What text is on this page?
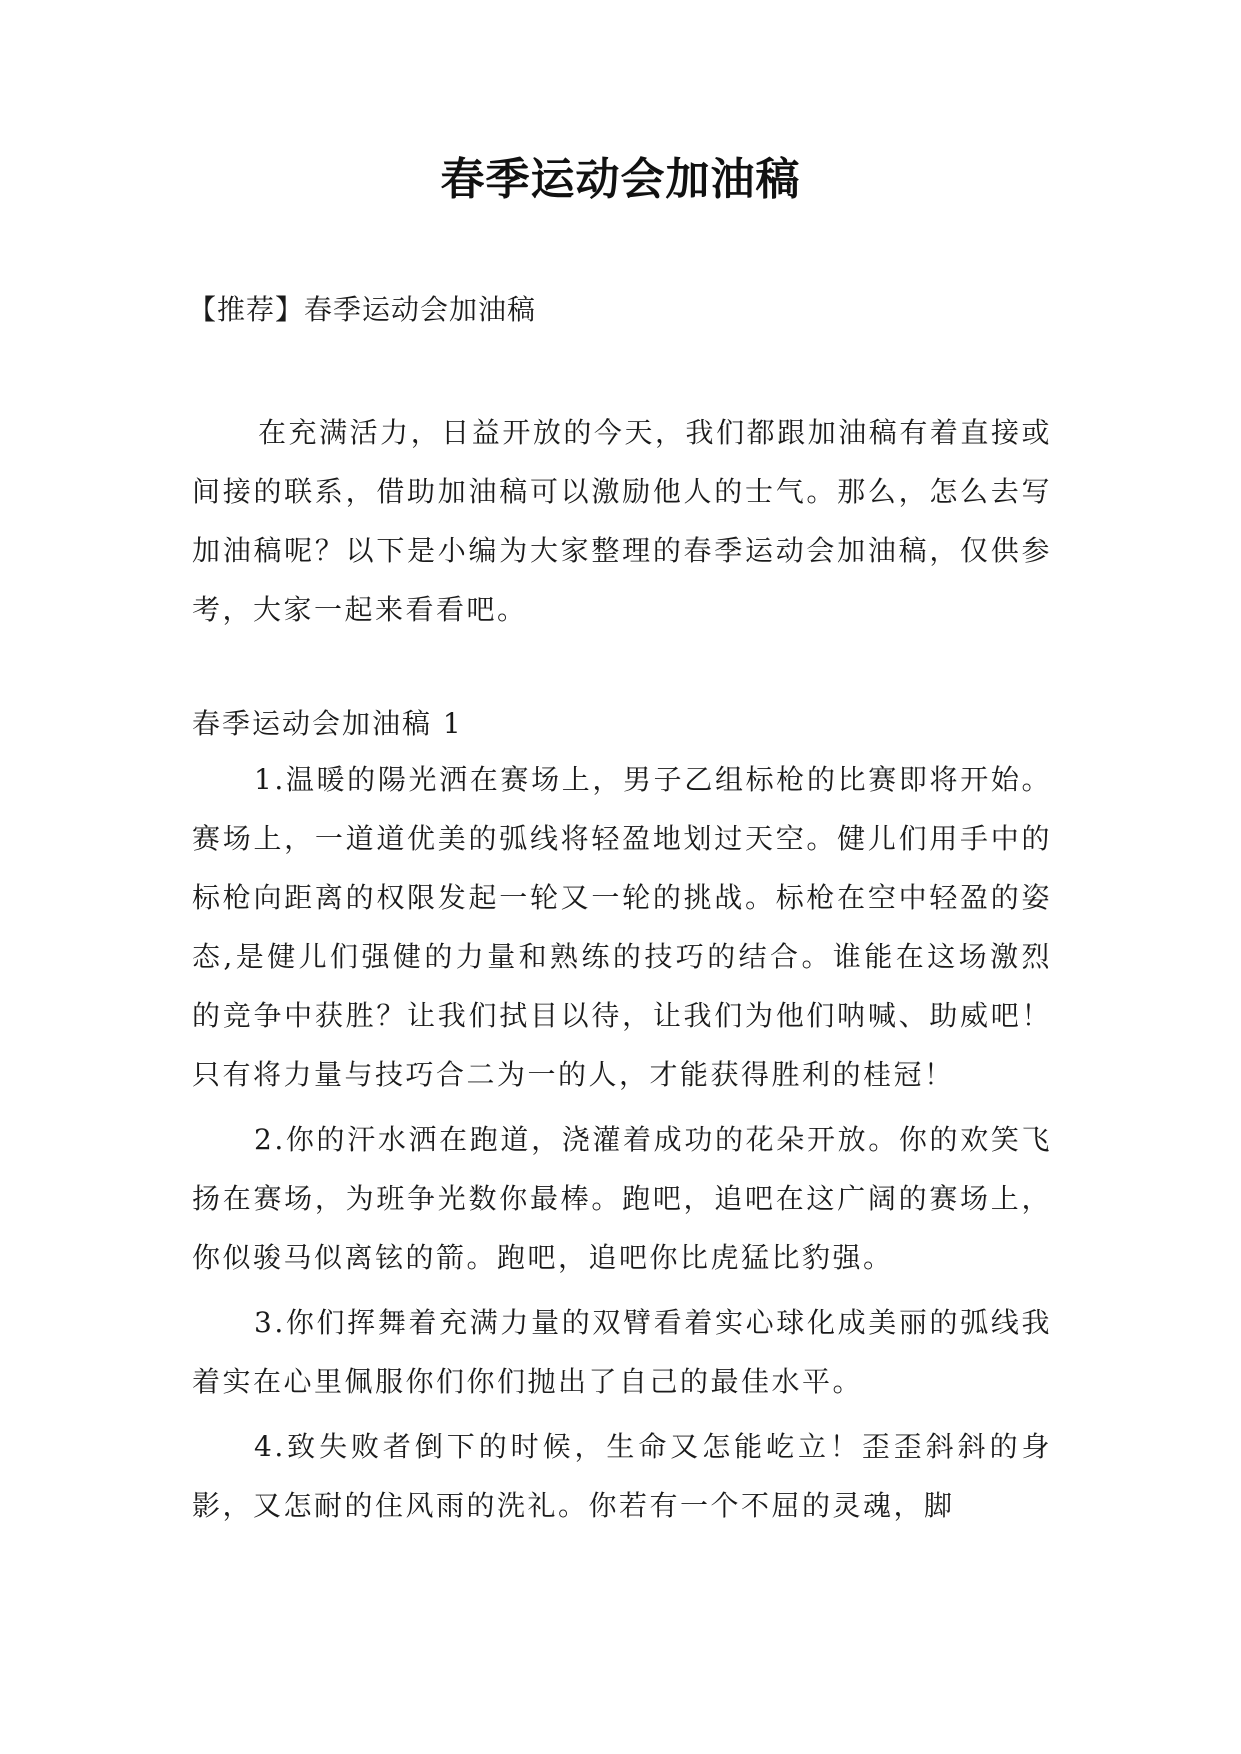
春季运动会加油稿
【推荐】春季运动会加油稿
在充满活力，日益开放的今天，我们都跟加油稿有着直接或间接的联系，借助加油稿可以激励他人的士气。那么，怎么去写加油稿呢？以下是小编为大家整理的春季运动会加油稿，仅供参考，大家一起来看看吧。
春季运动会加油稿 1

1.温暖的陽光洒在赛场上，男子乙组标枪的比赛即将开始。赛场上，一道道优美的弧线将轻盈地划过天空。健儿们用手中的标枪向距离的权限发起一轮又一轮的挑战。标枪在空中轻盈的姿态,是健儿们强健的力量和熟练的技巧的结合。谁能在这场激烈的竞争中获胜？让我们拭目以待，让我们为他们呐喊、助威吧！只有将力量与技巧合二为一的人，才能获得胜利的桂冠！

2.你的汗水洒在跑道，浇灌着成功的花朵开放。你的欢笑飞扬在赛场，为班争光数你最棒。跑吧，追吧在这广阔的赛场上，你似骏马似离铉的箭。跑吧，追吧你比虎猛比豹强。

3.你们挥舞着充满力量的双臂看着实心球化成美丽的弧线我着实在心里佩服你们你们抛出了自己的最佳水平。

4.致失败者倒下的时候，生命又怎能屹立！歪歪斜斜的身影，又怎耐的住风雨的洗礼。你若有一个不屈的灵魂，脚
